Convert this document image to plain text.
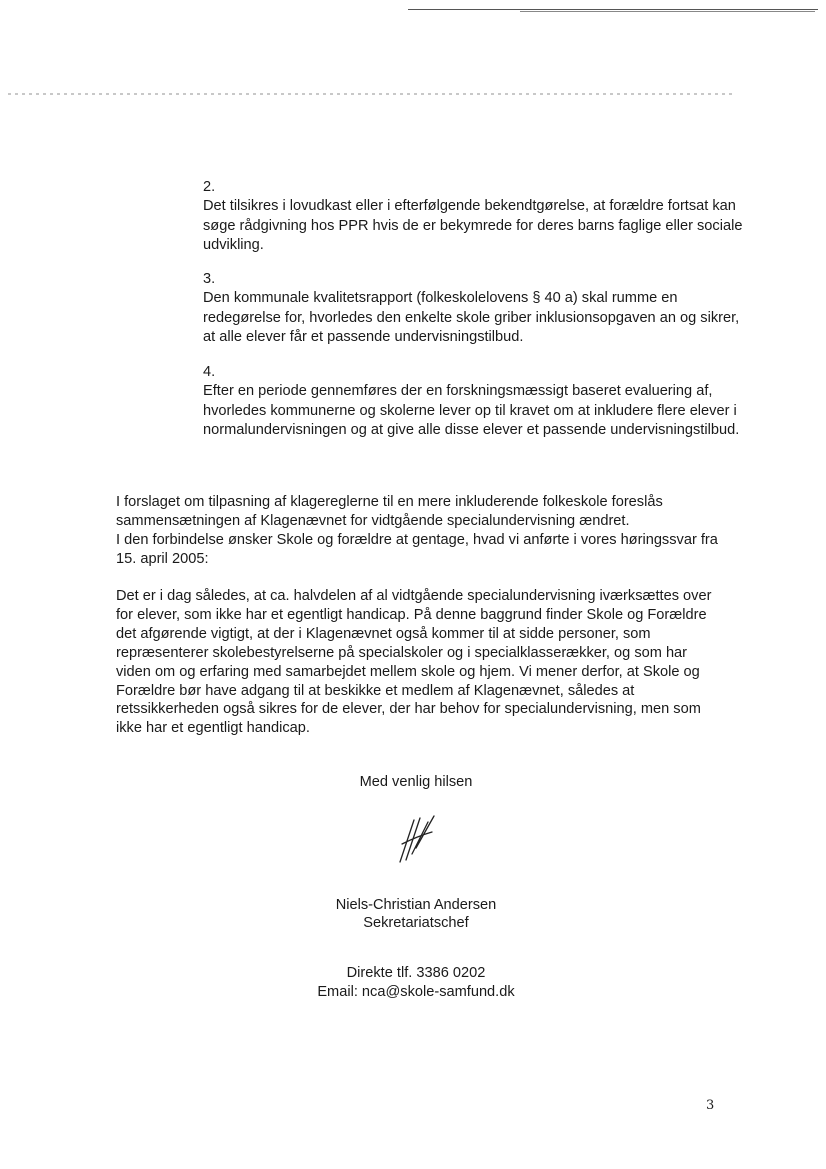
2.
Det tilsikres i lovudkast eller i efterfølgende bekendtgørelse, at forældre fortsat kan søge rådgivning hos PPR hvis de er bekymrede for deres barns faglige eller sociale udvikling.
3.
Den kommunale kvalitetsrapport (folkeskolelovens § 40 a) skal rumme en redegørelse for, hvorledes den enkelte skole griber inklusionsopgaven an og sikrer, at alle elever får et passende undervisningstilbud.
4.
Efter en periode gennemføres der en forskningsmæssigt baseret evaluering af, hvorledes kommunerne og skolerne lever op til kravet om at inkludere flere elever i normalundervisningen og at give alle disse elever et passende undervisningstilbud.
I forslaget om tilpasning af klagereglerne til en mere inkluderende folkeskole foreslås sammensætningen af Klagenævnet for vidtgående specialundervisning ændret.
I den forbindelse ønsker Skole og forældre at gentage, hvad vi anførte i vores høringssvar fra 15. april 2005:
Det er i dag således, at ca. halvdelen af al vidtgående specialundervisning iværksættes over for elever, som ikke har et egentligt handicap. På denne baggrund finder Skole og Forældre det afgørende vigtigt, at der i Klagenævnet også kommer til at sidde personer, som repræsenterer skolebestyrelserne på specialskoler og i specialklasserækker, og som har viden om og erfaring med samarbejdet mellem skole og hjem. Vi mener derfor, at Skole og Forældre bør have adgang til at beskikke et medlem af Klagenævnet, således at retssikkerheden også sikres for de elever, der har behov for specialundervisning, men som ikke har et egentligt handicap.
Med venlig hilsen
Niels-Christian Andersen
Sekretariatschef
Direkte tlf. 3386 0202
Email: nca@skole-samfund.dk
3
